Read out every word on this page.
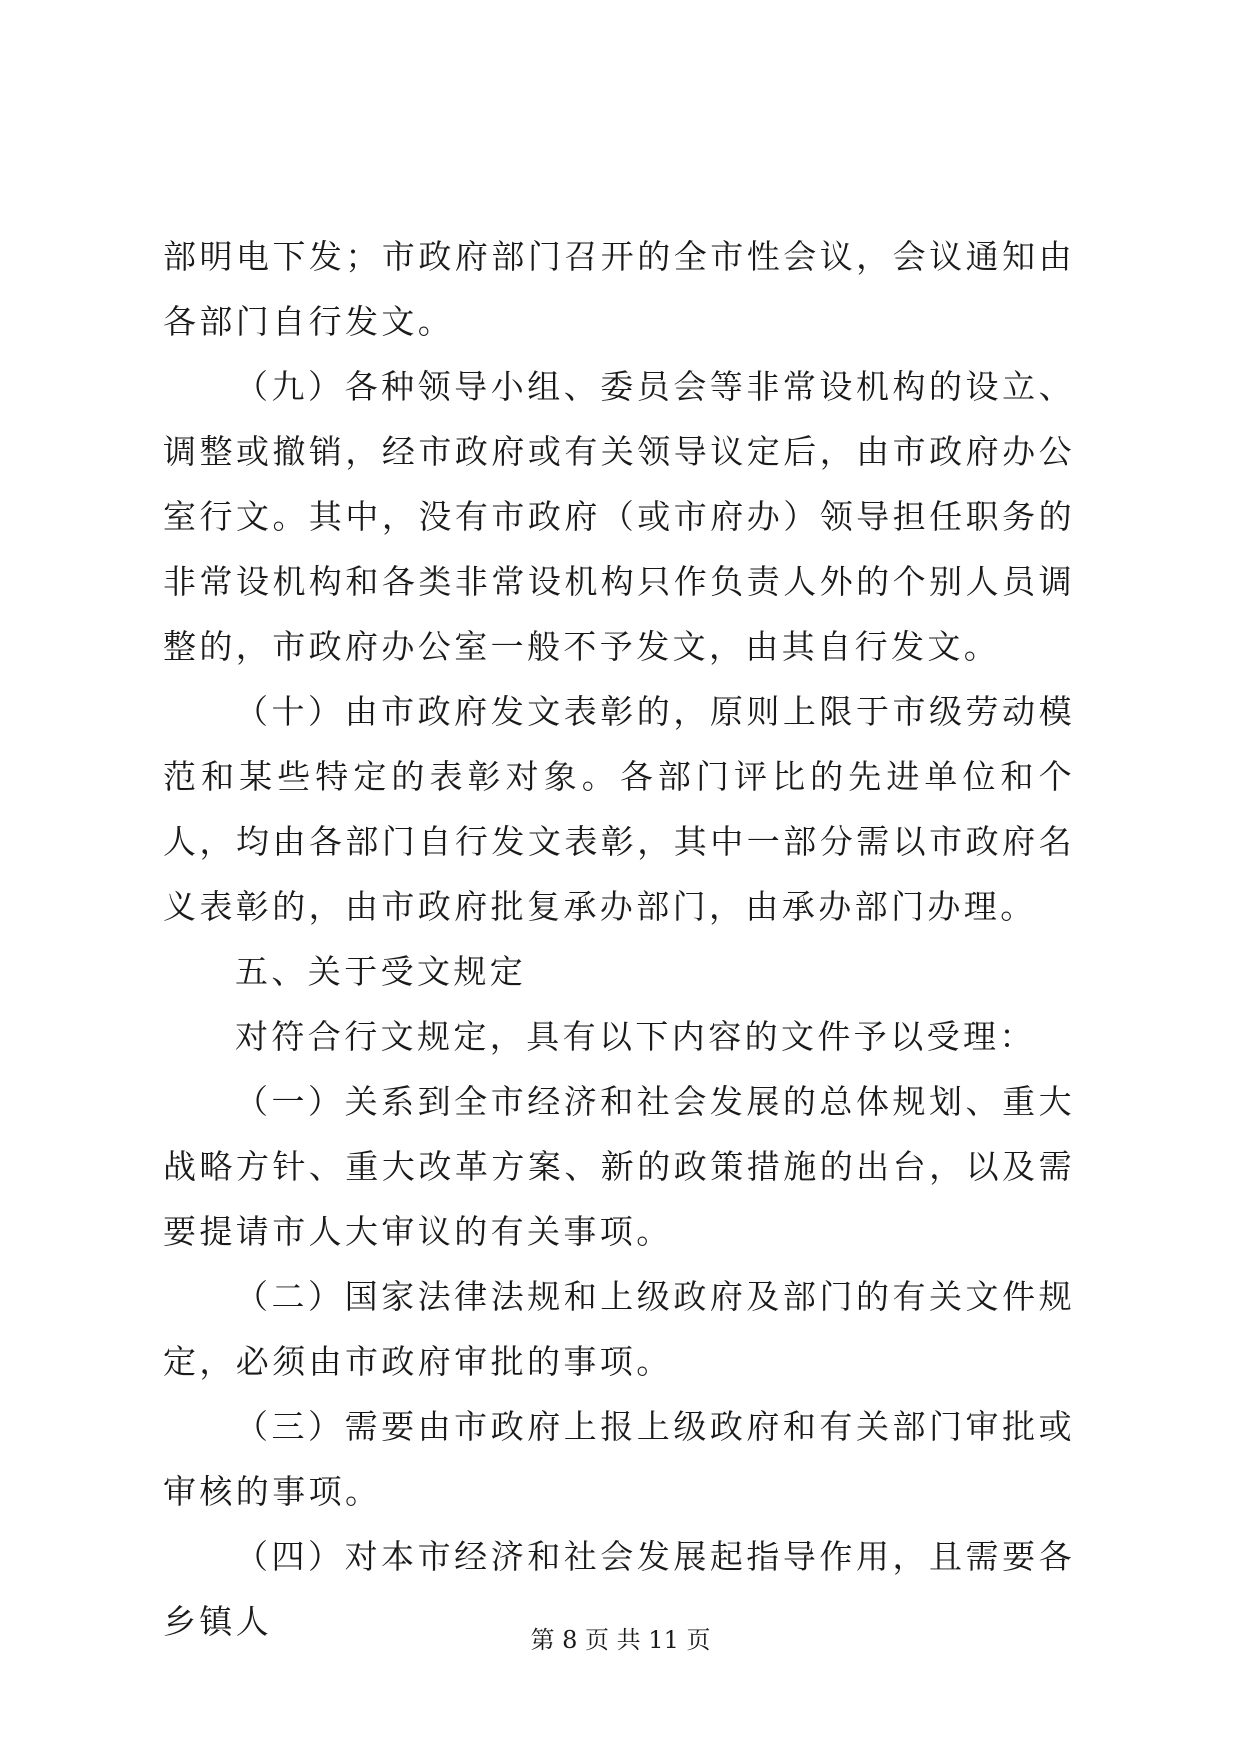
部明电下发；市政府部门召开的全市性会议，会议通知由各部门自行发文。

（九）各种领导小组、委员会等非常设机构的设立、调整或撤销，经市政府或有关领导议定后，由市政府办公室行文。其中，没有市政府（或市府办）领导担任职务的非常设机构和各类非常设机构只作负责人外的个别人员调整的，市政府办公室一般不予发文，由其自行发文。

（十）由市政府发文表彰的，原则上限于市级劳动模范和某些特定的表彰对象。各部门评比的先进单位和个人，均由各部门自行发文表彰，其中一部分需以市政府名义表彰的，由市政府批复承办部门，由承办部门办理。

五、关于受文规定

对符合行文规定，具有以下内容的文件予以受理：

（一）关系到全市经济和社会发展的总体规划、重大战略方针、重大改革方案、新的政策措施的出台，以及需要提请市人大审议的有关事项。

（二）国家法律法规和上级政府及部门的有关文件规定，必须由市政府审批的事项。

（三）需要由市政府上报上级政府和有关部门审批或审核的事项。

（四）对本市经济和社会发展起指导作用，且需要各乡镇人	第 8 页 共 11 页
